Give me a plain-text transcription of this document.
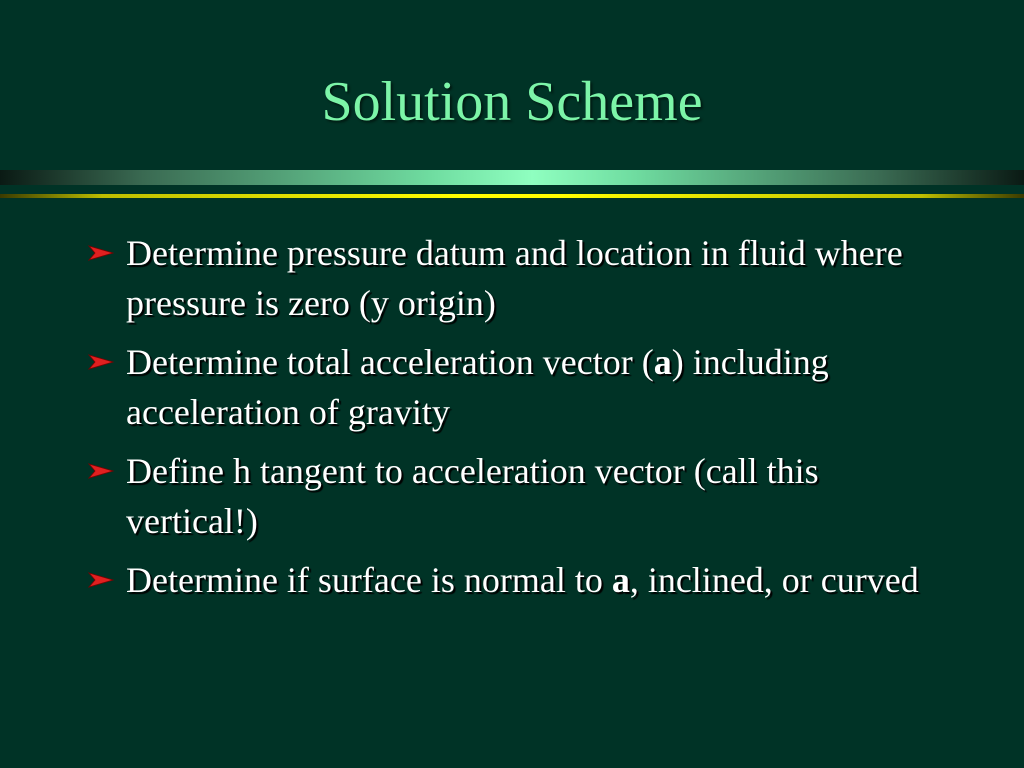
Solution Scheme
Determine pressure datum and location in fluid where pressure is zero (y origin)
Determine total acceleration vector (a) including acceleration of gravity
Define h tangent to acceleration vector (call this vertical!)
Determine if surface is normal to a, inclined, or curved
